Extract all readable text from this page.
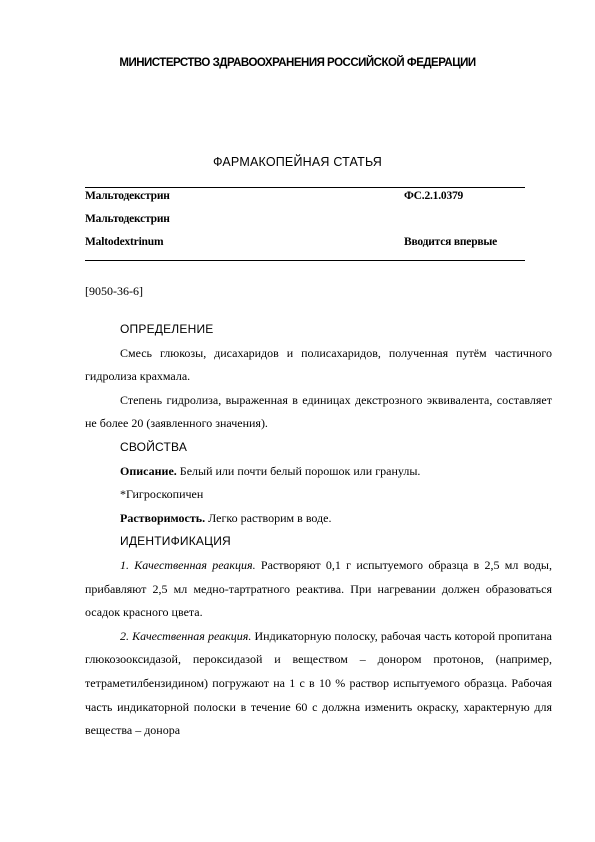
МИНИСТЕРСТВО ЗДРАВООХРАНЕНИЯ РОССИЙСКОЙ ФЕДЕРАЦИИ
ФАРМАКОПЕЙНАЯ СТАТЬЯ
Мальтодекстрин	ФС.2.1.0379
Мальтодекстрин
Maltodextrinum	Вводится впервые
[9050-36-6]
ОПРЕДЕЛЕНИЕ

Смесь глюкозы, дисахаридов и полисахаридов, полученная путём частичного гидролиза крахмала.

Степень гидролиза, выраженная в единицах декстрозного эквивалента, составляет не более 20 (заявленного значения).

СВОЙСТВА

Описание. Белый или почти белый порошок или гранулы.

*Гигроскопичен

Растворимость. Легко растворим в воде.

ИДЕНТИФИКАЦИЯ

1. Качественная реакция. Растворяют 0,1 г испытуемого образца в 2,5 мл воды, прибавляют 2,5 мл медно-тартратного реактива. При нагревании должен образоваться осадок красного цвета.

2. Качественная реакция. Индикаторную полоску, рабочая часть которой пропитана глюкозооксидазой, пероксидазой и веществом – донором протонов, (например, тетраметилбензидином) погружают на 1 с в 10 % раствор испытуемого образца. Рабочая часть индикаторной полоски в течение 60 с должна изменить окраску, характерную для вещества – донора
